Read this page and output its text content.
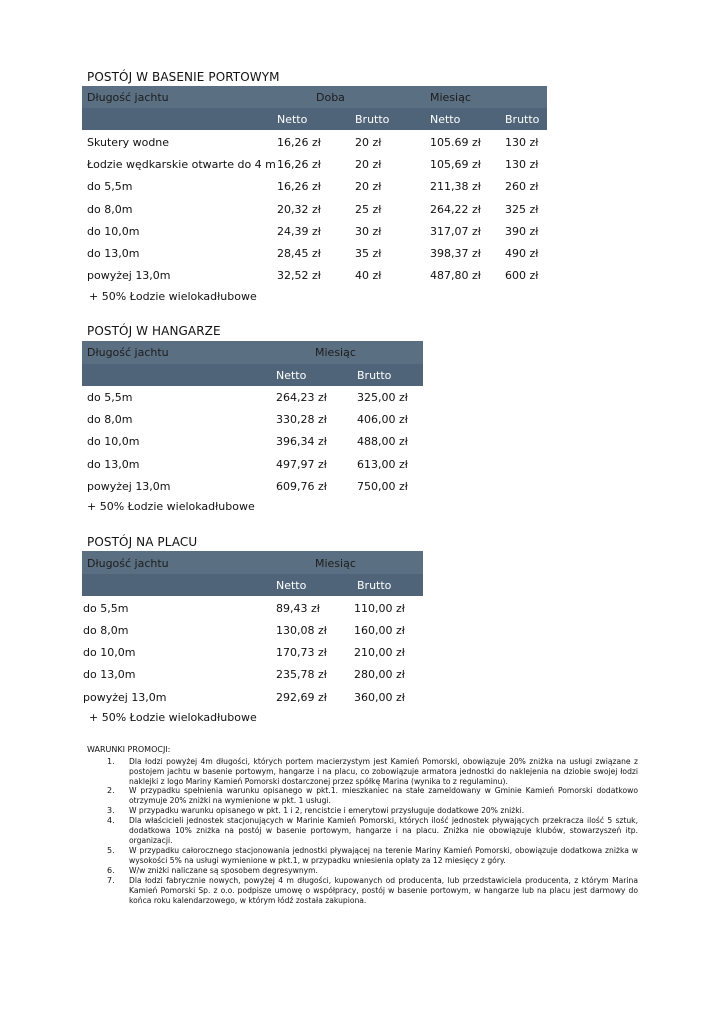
POSTÓJ W BASENIE PORTOWYM
Długość jachtu	Doba	Miesiąc
Netto	Brutto	Netto	Brutto
Skutery wodne	16,26 zł	20 zł	105.69 zł 130 zł
Łodzie wędkarskie otwarte do 4 m 16,26 zł	20 zł	105,69 zł 130 zł
do 5,5m	16,26 zł	20 zł	211,38 zł 260 zł
do 8,0m	20,32 zł	25 zł	264,22 zł 325 zł
do 10,0m	24,39 zł	30 zł	317,07 zł 390 zł
do 13,0m	28,45 zł	35 zł	398,37 zł 490 zł
powyżej 13,0m	32,52 zł	40 zł	487,80 zł 600 zł
+ 50% Łodzie wielokadłubowe
POSTÓJ W HANGARZE
Długość jachtu	Miesiąc
Netto	Brutto
do 5,5m	264,23 zł	325,00 zł
do 8,0m	330,28 zł	406,00 zł
do 10,0m	396,34 zł	488,00 zł
do 13,0m	497,97 zł	613,00 zł
powyżej 13,0m	609,76 zł	750,00 zł
+ 50% Łodzie wielokadłubowe
POSTÓJ NA PLACU
Długość jachtu	Miesiąc
Netto	Brutto
do 5,5m	89,43 zł	110,00 zł
do 8,0m	130,08 zł 160,00 zł
do 10,0m	170,73 zł 210,00 zł
do 13,0m	235,78 zł 280,00 zł
powyżej 13,0m	292,69 zł 360,00 zł
+ 50% Łodzie wielokadłubowe
WARUNKI PROMOCJI:
1. Dla łodzi powyżej 4m długości, których portem macierzystym jest Kamień Pomorski, obowiązuje 20% zniżka na usługi związane z postojem jachtu w basenie portowym, hangarze i na placu, co zobowiązuje armatora jednostki do naklejenia na dziobie swojej łodzi naklejki z logo Mariny Kamień Pomorski dostarczonej przez spółkę Marina (wynika to z regulaminu).
2. W przypadku spełnienia warunku opisanego w pkt.1. mieszkaniec na stałe zameldowany w Gminie Kamień Pomorski dodatkowo otrzymuje 20% zniżki na wymienione w pkt. 1 usługi.
3. W przypadku warunku opisanego w pkt. 1 i 2, rencistcie i emerytowi przysługuje dodatkowe 20% zniżki.
4. Dla właścicieli jednostek stacjonujących w Marinie Kamień Pomorski, których ilość jednostek pływających przekracza ilość 5 sztuk, dodatkowa 10% zniżka na postój w basenie portowym, hangarze i na placu. Zniżka nie obowiązuje klubów, stowarzyszeń itp. organizacji.
5. W przypadku całorocznego stacjonowania jednostki pływającej na terenie Mariny Kamień Pomorski, obowiązuje dodatkowa zniżka w wysokości 5% na usługi wymienione w pkt.1, w przypadku wniesienia opłaty za 12 miesięcy z góry.
6. W/w zniżki naliczane są sposobem degresywnym.
7. Dla łodzi fabrycznie nowych, powyżej 4 m długości, kupowanych od producenta, lub przedstawiciela producenta, z którym Marina Kamień Pomorski Sp. z o.o. podpisze umowę o współpracy, postój w basenie portowym, w hangarze lub na placu jest darmowy do końca roku kalendarzowego, w którym łódź została zakupiona.
